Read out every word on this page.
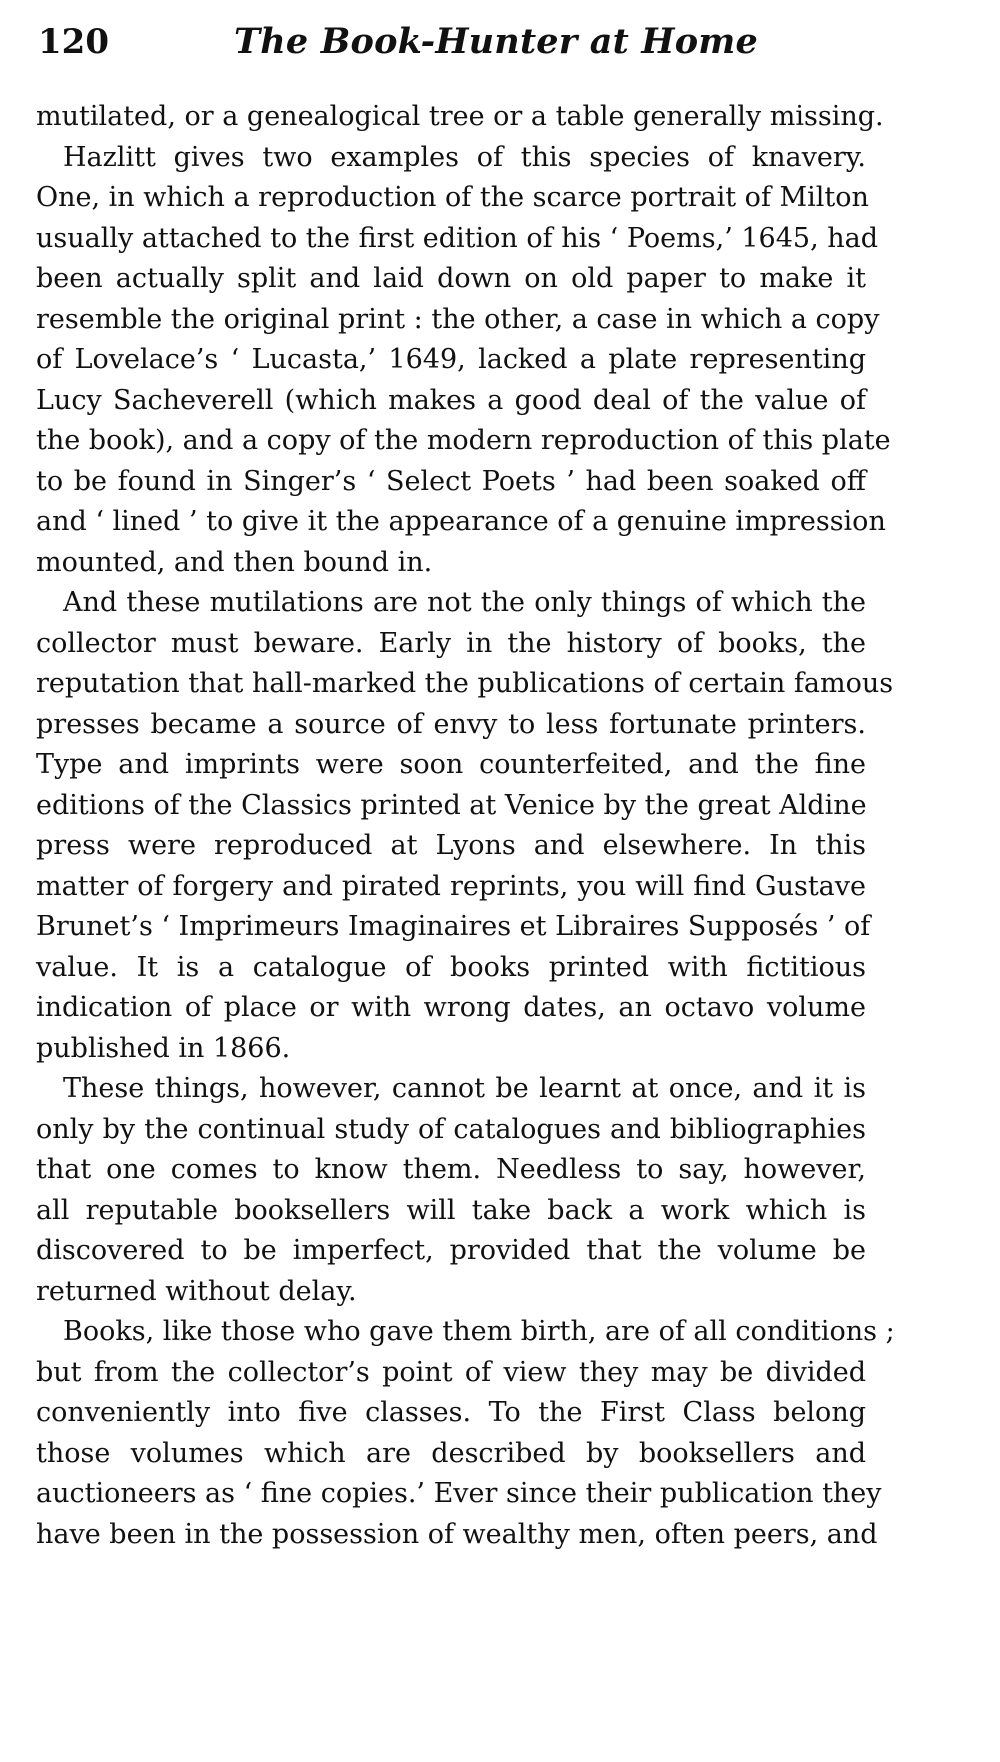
120	The Book-Hunter at Home

mutilated, or a genealogical tree or a table generally missing.

Hazlitt gives two examples of this species of knavery.
One, in which a reproduction of the scarce portrait of Milton
usually attached to the first edition of his ‘ Poems,’ 1645, had
been actually split and laid down on old paper to make it
resemble the original print : the other, a case in which a copy
of Lovelace’s ‘ Lucasta,’ 1649, lacked a plate representing
Lucy Sacheverell (which makes a good deal of the value of
the book), and a copy of the modern reproduction of this plate
to be found in Singer’s ‘ Select Poets ’ had been soaked off
and ‘ lined ’ to give it the appearance of a genuine impression
mounted, and then bound in.

And these mutilations are not the only things of which the
collector must beware. Early in the history of books, the
reputation that hall-marked the publications of certain famous
presses became a source of envy to less fortunate printers.
Type and imprints were soon counterfeited, and the fine
editions of the Classics printed at Venice by the great Aldine
press were reproduced at Lyons and elsewhere. In this
matter of forgery and pirated reprints, you will find Gustave
Brunet’s ‘ Imprimeurs Imaginaires et Libraires Supposés ’ of
value. It is a catalogue of books printed with fictitious
indication of place or with wrong dates, an octavo volume
published in 1866.

These things, however, cannot be learnt at once, and it is
only by the continual study of catalogues and bibliographies
that one comes to know them. Needless to say, however,
all reputable booksellers will take back a work which is
discovered to be imperfect, provided that the volume be
returned without delay.

Books, like those who gave them birth, are of all conditions ;
but from the collector’s point of view they may be divided
conveniently into five classes. To the First Class belong
those volumes which are described by booksellers and
auctioneers as ‘ fine copies.’ Ever since their publication they
have been in the possession of wealthy men, often peers, and
